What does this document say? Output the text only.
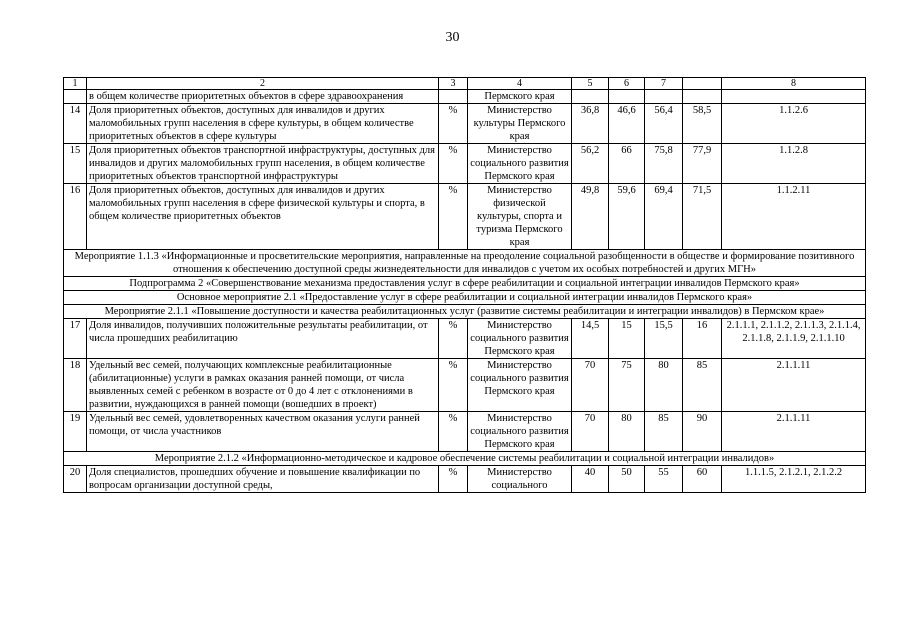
30
1	2	3	4	5	6	7		8
	в общем количестве приоритетных объектов в сфере здравоохранения		Пермского края					
14	Доля приоритетных объектов, доступных для инвалидов и других маломобильных групп населения в сфере культуры, в общем количестве приоритетных объектов в сфере культуры	%	Министерство культуры Пермского края	36,8	46,6	56,4	58,5	1.1.2.6
15	Доля приоритетных объектов транспортной инфраструктуры, доступных для инвалидов и других маломобильных групп населения, в общем количестве приоритетных объектов транспортной инфраструктуры	%	Министерство социального развития Пермского края	56,2	66	75,8	77,9	1.1.2.8
16	Доля приоритетных объектов, доступных для инвалидов и других маломобильных групп населения в сфере физической культуры и спорта, в общем количестве приоритетных объектов	%	Министерство физической культуры, спорта и туризма Пермского края	49,8	59,6	69,4	71,5	1.1.2.11
Мероприятие 1.1.3 «Информационные и просветительские мероприятия, направленные на преодоление социальной разобщенности в обществе и формирование позитивного отношения к обеспечению доступной среды жизнедеятельности для инвалидов с учетом их особых потребностей и других МГН»								
Подпрограмма 2 «Совершенствование механизма предоставления услуг в сфере реабилитации и социальной интеграции инвалидов Пермского края»								
Основное мероприятие 2.1 «Предоставление услуг в сфере реабилитации и социальной интеграции инвалидов Пермского края»								
Мероприятие 2.1.1 «Повышение доступности и качества реабилитационных услуг (развитие системы реабилитации и интеграции инвалидов) в Пермском крае»								
17	Доля инвалидов, получивших положительные результаты реабилитации, от числа прошедших реабилитацию	%	Министерство социального развития Пермского края	14,5	15	15,5	16	2.1.1.1, 2.1.1.2, 2.1.1.3, 2.1.1.4, 2.1.1.8, 2.1.1.9, 2.1.1.10
18	Удельный вес семей, получающих комплексные реабилитационные (абилитационные) услуги в рамках оказания ранней помощи, от числа выявленных семей с ребенком в возрасте от 0 до 4 лет с отклонениями в развитии, нуждающихся в ранней помощи (вошедших в проект)	%	Министерство социального развития Пермского края	70	75	80	85	2.1.1.11
19	Удельный вес семей, удовлетворенных качеством оказания услуги ранней помощи, от числа участников	%	Министерство социального развития Пермского края	70	80	85	90	2.1.1.11
Мероприятие 2.1.2 «Информационно-методическое и кадровое обеспечение системы реабилитации и социальной интеграции инвалидов»								
20	Доля специалистов, прошедших обучение и повышение квалификации по вопросам организации доступной среды,	%	Министерство социального	40	50	55	60	1.1.1.5, 2.1.2.1, 2.1.2.2
